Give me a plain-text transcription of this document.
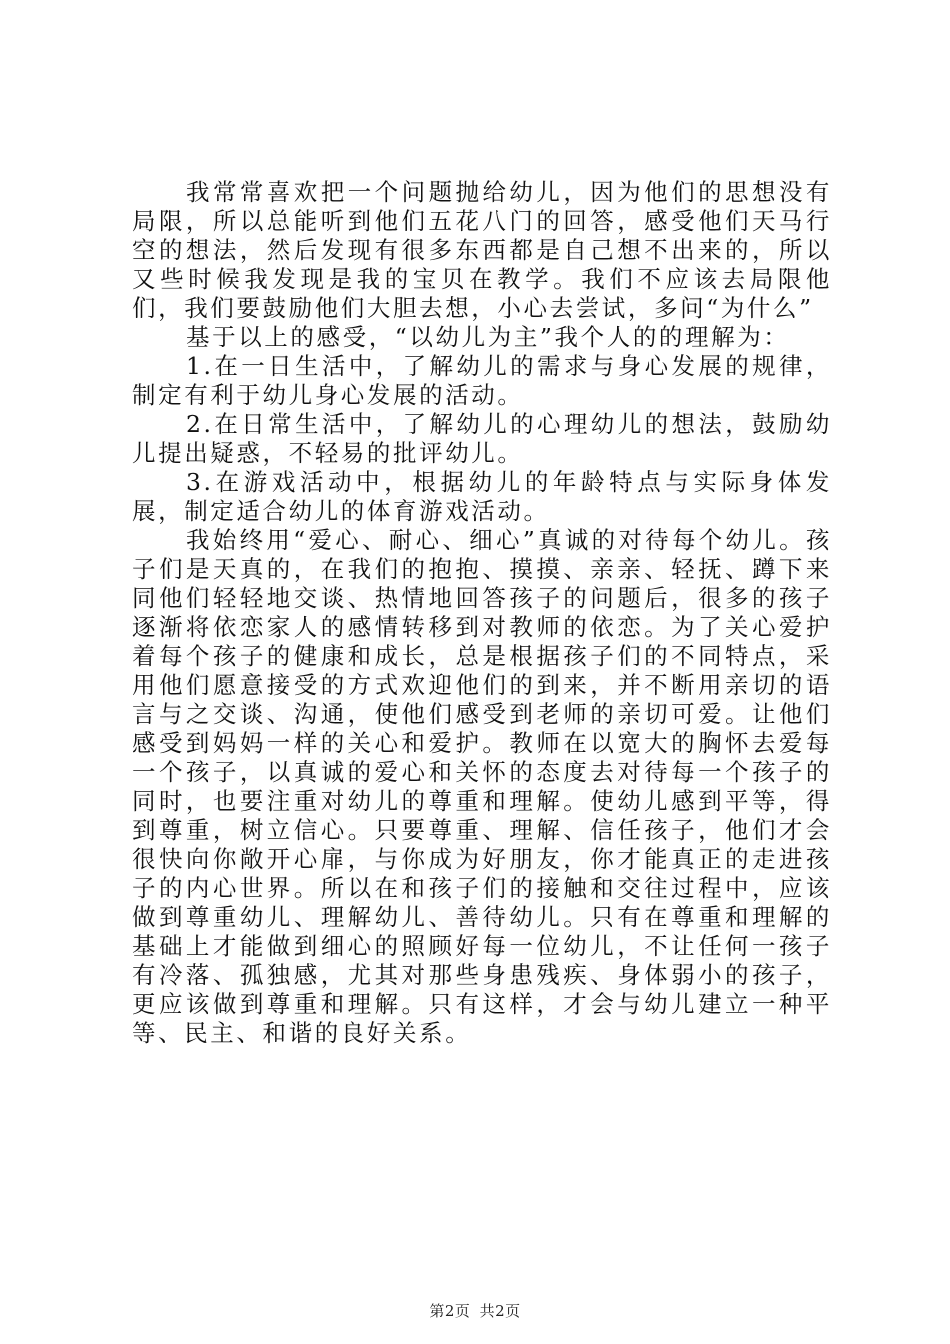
我常常喜欢把一个问题抛给幼儿，因为他们的思想没有局限，所以总能听到他们五花八门的回答，感受他们天马行空的想法，然后发现有很多东西都是自己想不出来的，所以又些时候我发现是我的宝贝在教学。我们不应该去局限他们，我们要鼓励他们大胆去想，小心去尝试，多问“为什么”

基于以上的感受，“以幼儿为主”我个人的的理解为：

1.在一日生活中，了解幼儿的需求与身心发展的规律，制定有利于幼儿身心发展的活动。

2.在日常生活中，了解幼儿的心理幼儿的想法，鼓励幼儿提出疑惑，不轻易的批评幼儿。

3.在游戏活动中，根据幼儿的年龄特点与实际身体发展，制定适合幼儿的体育游戏活动。

我始终用“爱心、耐心、细心”真诚的对待每个幼儿。孩子们是天真的，在我们的抱抱、摸摸、亲亲、轻抚、蹲下来同他们轻轻地交谈、热情地回答孩子的问题后，很多的孩子逐渐将依恋家人的感情转移到对教师的依恋。为了关心爱护着每个孩子的健康和成长，总是根据孩子们的不同特点，采用他们愿意接受的方式欢迎他们的到来，并不断用亲切的语言与之交谈、沟通，使他们感受到老师的亲切可爱。让他们感受到妈妈一样的关心和爱护。教师在以宽大的胸怀去爱每一个孩子，以真诚的爱心和关怀的态度去对待每一个孩子的同时，也要注重对幼儿的尊重和理解。使幼儿感到平等，得到尊重，树立信心。只要尊重、理解、信任孩子，他们才会很快向你敞开心扉，与你成为好朋友，你才能真正的走进孩子的内心世界。所以在和孩子们的接触和交往过程中，应该做到尊重幼儿、理解幼儿、善待幼儿。只有在尊重和理解的基础上才能做到细心的照顾好每一位幼儿，不让任何一孩子有冷落、孤独感，尤其对那些身患残疾、身体弱小的孩子，更应该做到尊重和理解。只有这样，才会与幼儿建立一种平等、民主、和谐的良好关系。

第2页 共2页
